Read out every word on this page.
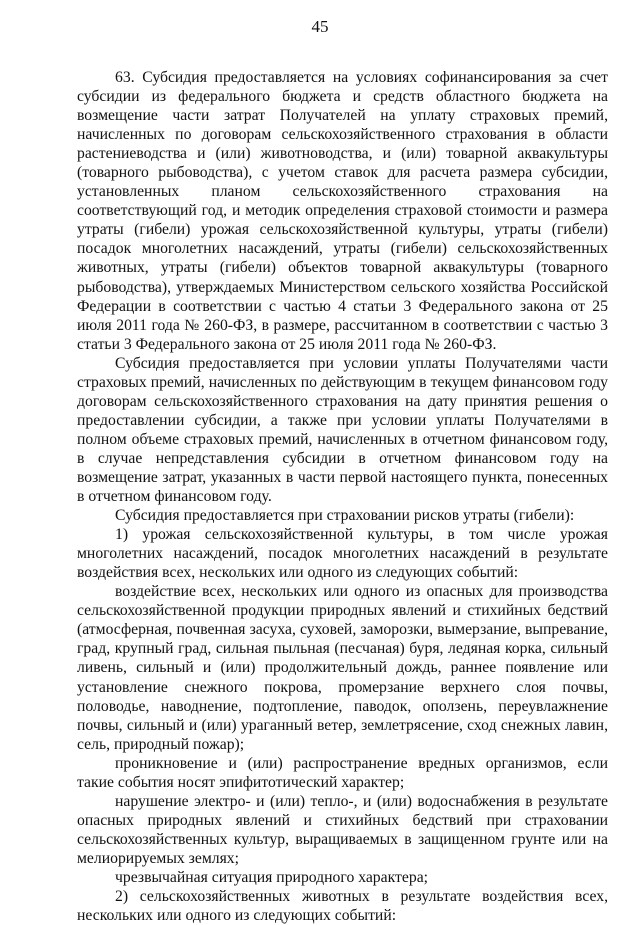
45

63. Субсидия предоставляется на условиях софинансирования за счет субсидии из федерального бюджета и средств областного бюджета на возмещение части затрат Получателей на уплату страховых премий, начисленных по договорам сельскохозяйственного страхования в области растениеводства и (или) животноводства, и (или) товарной аквакультуры (товарного рыбоводства), с учетом ставок для расчета размера субсидии, установленных планом сельскохозяйственного страхования на соответствующий год, и методик определения страховой стоимости и размера утраты (гибели) урожая сельскохозяйственной культуры, утраты (гибели) посадок многолетних насаждений, утраты (гибели) сельскохозяйственных животных, утраты (гибели) объектов товарной аквакультуры (товарного рыбоводства), утверждаемых Министерством сельского хозяйства Российской Федерации в соответствии с частью 4 статьи 3 Федерального закона от 25 июля 2011 года № 260-ФЗ, в размере, рассчитанном в соответствии с частью 3 статьи 3 Федерального закона от 25 июля 2011 года № 260-ФЗ.

Субсидия предоставляется при условии уплаты Получателями части страховых премий, начисленных по действующим в текущем финансовом году договорам сельскохозяйственного страхования на дату принятия решения о предоставлении субсидии, а также при условии уплаты Получателями в полном объеме страховых премий, начисленных в отчетном финансовом году, в случае непредставления субсидии в отчетном финансовом году на возмещение затрат, указанных в части первой настоящего пункта, понесенных в отчетном финансовом году.

Субсидия предоставляется при страховании рисков утраты (гибели):

1) урожая сельскохозяйственной культуры, в том числе урожая многолетних насаждений, посадок многолетних насаждений в результате воздействия всех, нескольких или одного из следующих событий:

воздействие всех, нескольких или одного из опасных для производства сельскохозяйственной продукции природных явлений и стихийных бедствий (атмосферная, почвенная засуха, суховей, заморозки, вымерзание, выпревание, град, крупный град, сильная пыльная (песчаная) буря, ледяная корка, сильный ливень, сильный и (или) продолжительный дождь, раннее появление или установление снежного покрова, промерзание верхнего слоя почвы, половодье, наводнение, подтопление, паводок, оползень, переувлажнение почвы, сильный и (или) ураганный ветер, землетрясение, сход снежных лавин, сель, природный пожар);

проникновение и (или) распространение вредных организмов, если такие события носят эпифитотический характер;

нарушение электро- и (или) тепло-, и (или) водоснабжения в результате опасных природных явлений и стихийных бедствий при страховании сельскохозяйственных культур, выращиваемых в защищенном грунте или на мелиорируемых землях;

чрезвычайная ситуация природного характера;

2) сельскохозяйственных животных в результате воздействия всех, нескольких или одного из следующих событий:
